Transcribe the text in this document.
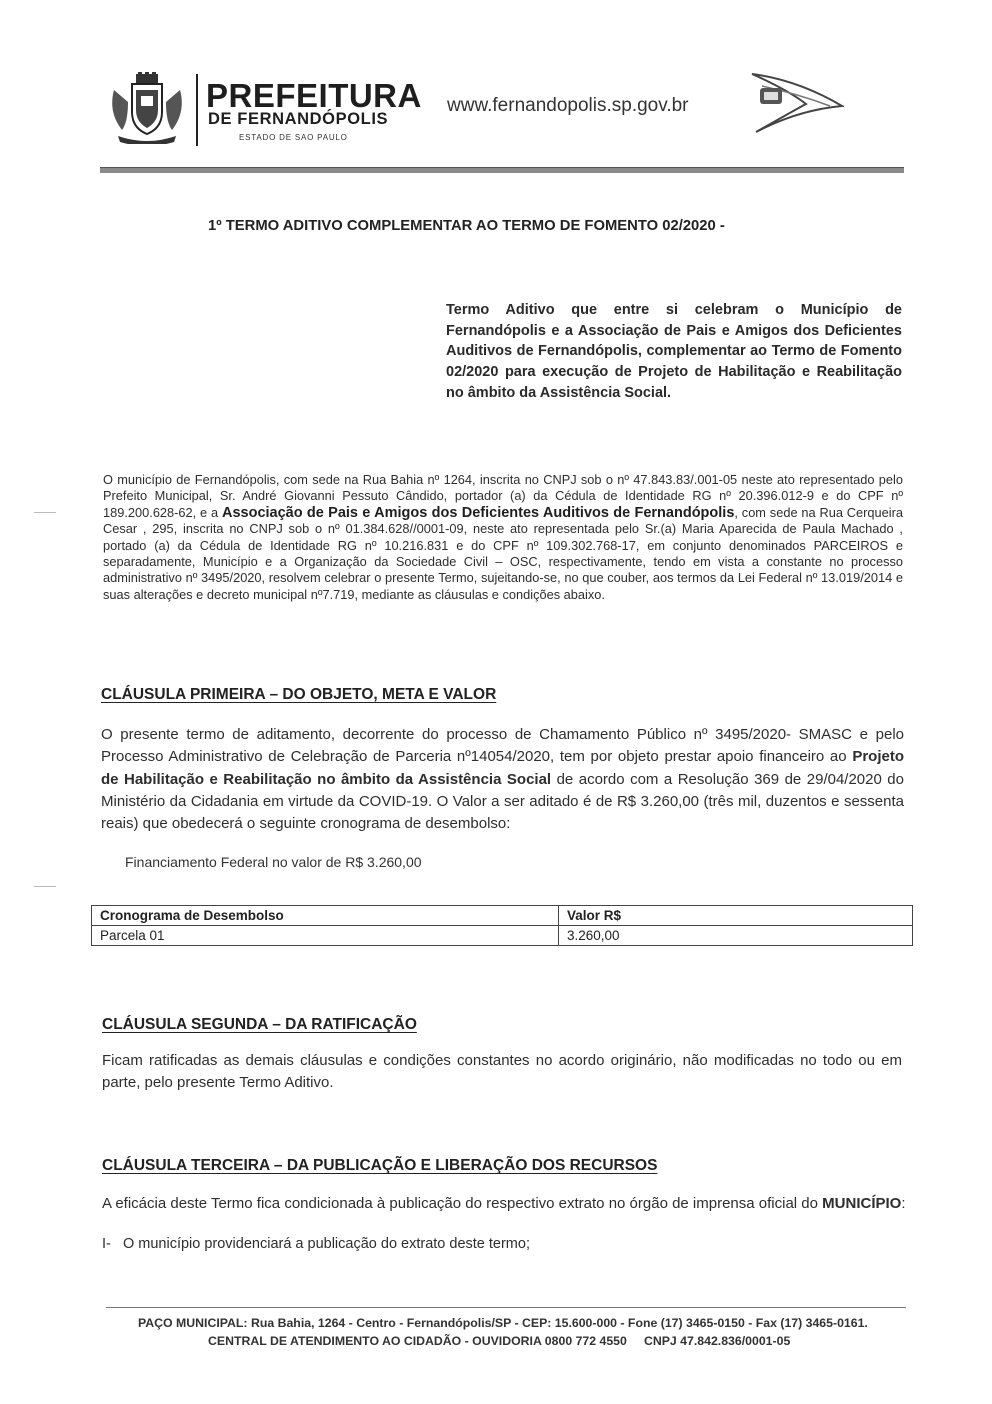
PREFEITURA
DE FERNANDÓPOLIS
ESTADO DE SAO PAULO
www.fernandopolis.sp.gov.br
1º TERMO ADITIVO COMPLEMENTAR AO TERMO DE FOMENTO 02/2020 -
Termo Aditivo que entre si celebram o Município de Fernandópolis e a Associação de Pais e Amigos dos Deficientes Auditivos de Fernandópolis, complementar ao Termo de Fomento 02/2020 para execução de Projeto de Habilitação e Reabilitação no âmbito da Assistência Social.
O município de Fernandópolis, com sede na Rua Bahia nº 1264, inscrita no CNPJ sob o nº 47.843.83/.001-05 neste ato representado pelo Prefeito Municipal, Sr. André Giovanni Pessuto Cândido, portador (a) da Cédula de Identidade RG nº 20.396.012-9 e do CPF nº 189.200.628-62, e a Associação de Pais e Amigos dos Deficientes Auditivos de Fernandópolis, com sede na Rua Cerqueira Cesar , 295, inscrita no CNPJ sob o nº 01.384.628//0001-09, neste ato representada pelo Sr.(a) Maria Aparecida de Paula Machado , portado (a) da Cédula de Identidade RG nº 10.216.831 e do CPF nº 109.302.768-17, em conjunto denominados PARCEIROS e separadamente, Município e a Organização da Sociedade Civil – OSC, respectivamente, tendo em vista a constante no processo administrativo nº 3495/2020, resolvem celebrar o presente Termo, sujeitando-se, no que couber, aos termos da Lei Federal nº 13.019/2014 e suas alterações e decreto municipal nº7.719, mediante as cláusulas e condições abaixo.
CLÁUSULA PRIMEIRA – DO OBJETO, META E VALOR
O presente termo de aditamento, decorrente do processo de Chamamento Público nº 3495/2020- SMASC e pelo Processo Administrativo de Celebração de Parceria nº14054/2020, tem por objeto prestar apoio financeiro ao Projeto de Habilitação e Reabilitação no âmbito da Assistência Social de acordo com a Resolução 369 de 29/04/2020 do Ministério da Cidadania em virtude da COVID-19. O Valor a ser aditado é de R$ 3.260,00 (três mil, duzentos e sessenta reais) que obedecerá o seguinte cronograma de desembolso:
Financiamento Federal no valor de R$ 3.260,00
Cronograma de Desembolso	Valor R$
Parcela 01	3.260,00
CLÁUSULA SEGUNDA – DA RATIFICAÇÃO
Ficam ratificadas as demais cláusulas e condições constantes no acordo originário, não modificadas no todo ou em parte, pelo presente Termo Aditivo.
CLÁUSULA TERCEIRA – DA PUBLICAÇÃO E LIBERAÇÃO DOS RECURSOS
A eficácia deste Termo fica condicionada à publicação do respectivo extrato no órgão de imprensa oficial do MUNICÍPIO:
I- O município providenciará a publicação do extrato deste termo;
PAÇO MUNICIPAL: Rua Bahia, 1264 - Centro - Fernandópolis/SP - CEP: 15.600-000 - Fone (17) 3465-0150 - Fax (17) 3465-0161.
CENTRAL DE ATENDIMENTO AO CIDADÃO - OUVIDORIA 0800 772 4550 CNPJ 47.842.836/0001-05
